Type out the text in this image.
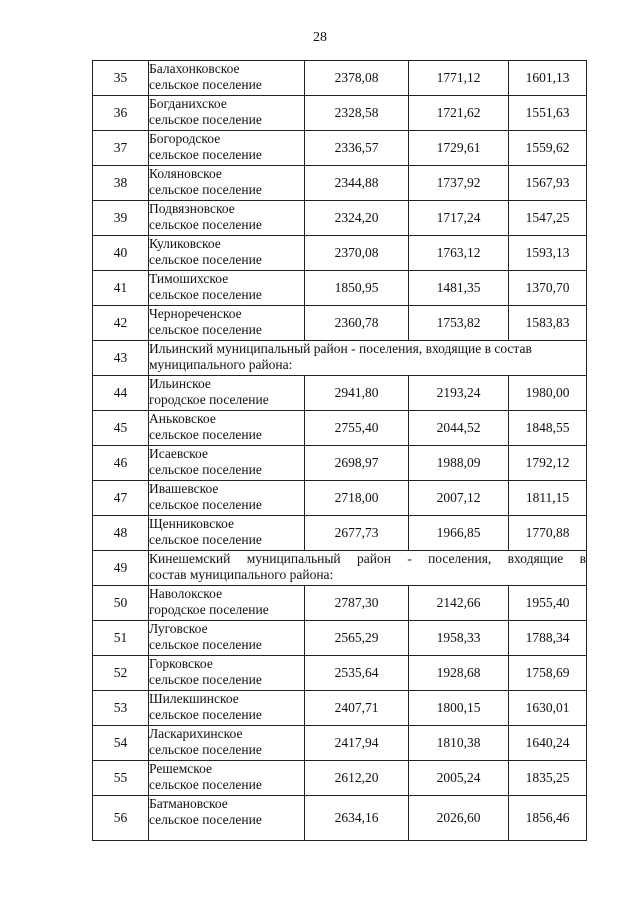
28
35	Балахонковское
сельское поселение	2378,08	1771,12	1601,13
36	Богданихское
сельское поселение	2328,58	1721,62	1551,63
37	Богородское
сельское поселение	2336,57	1729,61	1559,62
38	Коляновское
сельское поселение	2344,88	1737,92	1567,93
39	Подвязновское
сельское поселение	2324,20	1717,24	1547,25
40	Куликовское
сельское поселение	2370,08	1763,12	1593,13
41	Тимошихское
сельское поселение	1850,95	1481,35	1370,70
42	Чернореченское
сельское поселение	2360,78	1753,82	1583,83
43	Ильинский муниципальный район - поселения, входящие в состав
муниципального района:			

44	Ильинское
городское поселение	2941,80	2193,24	1980,00
45	Аньковское
сельское поселение	2755,40	2044,52	1848,55
46	Исаевское
сельское поселение	2698,97	1988,09	1792,12
47	Ивашевское
сельское поселение	2718,00	2007,12	1811,15
48	Щенниковское
сельское поселение	2677,73	1966,85	1770,88
49	Кинешемский муниципальный район - поселения, входящие в
состав муниципального района:			

50	Наволокское
городское поселение	2787,30	2142,66	1955,40
51	Луговское
сельское поселение	2565,29	1958,33	1788,34
52	Горковское
сельское поселение	2535,64	1928,68	1758,69
53	Шилекшинское
сельское поселение	2407,71	1800,15	1630,01
54	Ласкарихинское
сельское поселение	2417,94	1810,38	1640,24
55	Решемское
сельское поселение	2612,20	2005,24	1835,25
56	Батмановское
сельское поселение	2634,16	2026,60	1856,46
